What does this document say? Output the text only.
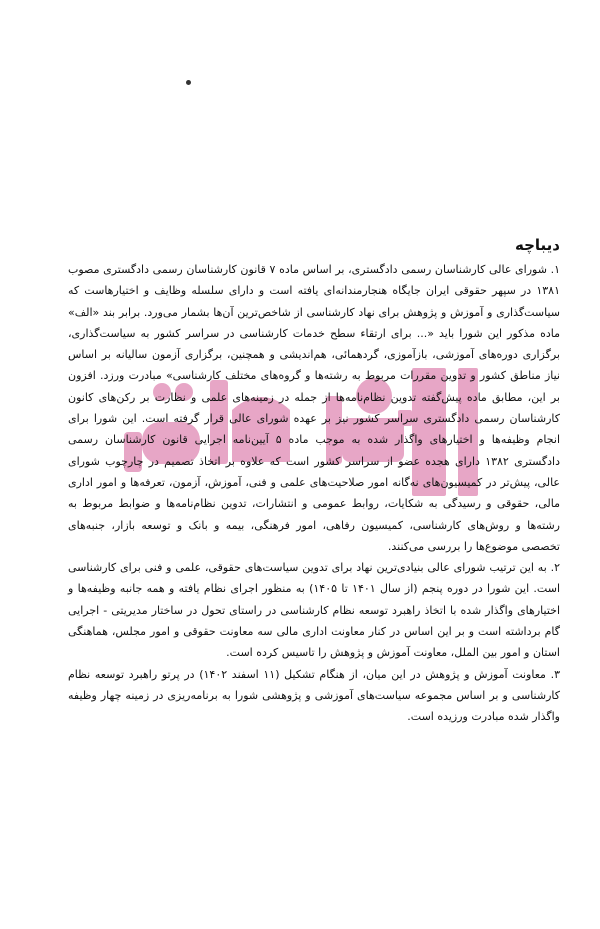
دیباچه

۱. شورای عالی کارشناسان رسمی دادگستری، بر اساس ماده ۷ قانون کارشناسان رسمی دادگستری مصوب ۱۳۸۱ در سپهر حقوقی ایران جایگاه هنجارمندانه‌ای یافته است و دارای سلسله وظایف و اختیارهاست که سیاست‌گذاری و آموزش و پژوهش برای نهاد کارشناسی از شاخص‌ترین آن‌ها بشمار می‌ورد. برابر بند «الف» ماده مذکور این شورا باید «... برای ارتقاء سطح خدمات کارشناسی در سراسر کشور به سیاست‌گذاری، برگزاری دوره‌های آموزشی، بازآموزی، گردهمائی، هم‌اندیشی و همچنین، برگزاری آزمون سالیانه بر اساس نیاز مناطق کشور و تدوین مقررات مربوط به رشته‌ها و گروه‌های مختلف کارشناسی» مبادرت ورزد. افزون بر این، مطابق ماده پیش‌گفته تدوین نظام‌نامه‌ها از جمله در زمینه‌های علمی و نظارت بر رکن‌های کانون کارشناسان رسمی دادگستری سراسر کشور نیز بر عهده شورای عالی قرار گرفته است. این شورا برای انجام وظیفه‌ها و اختیارهای واگذار شده به موجب ماده ۵ آیین‌نامه اجرایی قانون کارشناسان رسمی دادگستری ۱۳۸۲ دارای هجده عضو از سراسر کشور است که علاوه بر اتخاذ تصمیم در چارچوب شورای عالی، پیش‌تر در کمیسیون‌های نه‌گانه امور صلاحیت‌های علمی و فنی، آموزش، آزمون، تعرفه‌ها و امور اداری مالی، حقوقی و رسیدگی به شکایات، روابط عمومی و انتشارات، تدوین نظام‌نامه‌ها و ضوابط مربوط به رشته‌ها و روش‌های کارشناسی، کمیسیون رفاهی، امور فرهنگی، بیمه و بانک و توسعه بازار، جنبه‌های تخصصی موضوع‌ها را بررسی می‌کنند.

۲. به این ترتیب شورای عالی بنیادی‌ترین نهاد برای تدوین سیاست‌های حقوقی، علمی و فنی برای کارشناسی است. این شورا در دوره پنجم (از سال ۱۴۰۱ تا ۱۴۰۵) به منظور اجرای نظام یافته و همه جانبه وظیفه‌ها و اختیارهای واگذار شده با اتخاذ راهبرد توسعه نظام کارشناسی در راستای تحول در ساختار مدیریتی - اجرایی گام برداشته است و بر این اساس در کنار معاونت اداری مالی سه معاونت حقوقی و امور مجلس، هماهنگی استان و امور بین الملل، معاونت آموزش و پژوهش را تاسیس کرده است.

۳. معاونت آموزش و پژوهش در این میان، از هنگام تشکیل (۱۱ اسفند ۱۴۰۲) در پرتو راهبرد توسعه نظام کارشناسی و بر اساس مجموعه سیاست‌های آموزشی و پژوهشی شورا به برنامه‌ریزی در زمینه چهار وظیفه واگذار شده مبادرت ورزیده است.
